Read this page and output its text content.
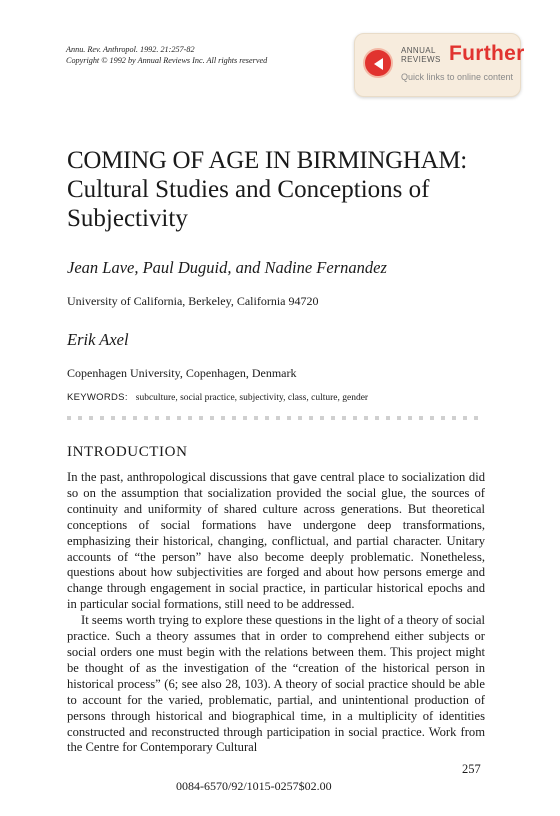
Annu. Rev. Anthropol. 1992. 21:257-82
Copyright © 1992 by Annual Reviews Inc. All rights reserved
ANNUAL
REVIEWS Further
Quick links to online content
COMING OF AGE IN BIRMINGHAM:
Cultural Studies and Conceptions of
Subjectivity
Jean Lave, Paul Duguid, and Nadine Fernandez
University of California, Berkeley, California 94720
Erik Axel
Copenhagen University, Copenhagen, Denmark
KEYWORDS: subculture, social practice, subjectivity, class, culture, gender
INTRODUCTION

In the past, anthropological discussions that gave central place to socialization did so on the assumption that socialization provided the social glue, the sources of continuity and uniformity of shared culture across generations. But theoretical conceptions of social formations have undergone deep transformations, emphasizing their historical, changing, conflictual, and partial character. Unitary accounts of “the person” have also become deeply problematic. Nonetheless, questions about how subjectivities are forged and about how persons emerge and change through engagement in social practice, in particular historical epochs and in particular social formations, still need to be addressed.

It seems worth trying to explore these questions in the light of a theory of social practice. Such a theory assumes that in order to comprehend either subjects or social orders one must begin with the relations between them. This project might be thought of as the investigation of the “creation of the historical person in historical process” (6; see also 28, 103). A theory of social practice should be able to account for the varied, problematic, partial, and unintentional production of persons through historical and biographical time, in a multiplicity of identities constructed and reconstructed through participation in social practice. Work from the Centre for Contemporary Cultural

257
0084-6570/92/1015-0257$02.00
